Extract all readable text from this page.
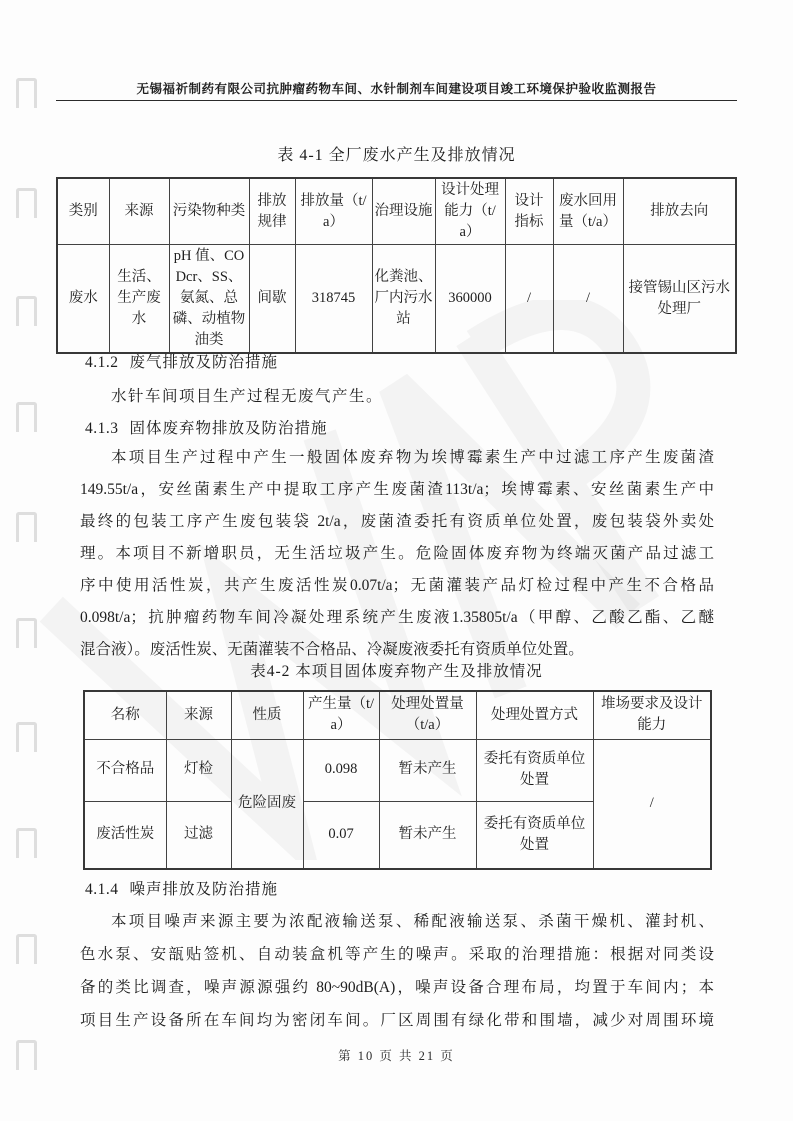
无锡福祈制药有限公司抗肿瘤药物车间、水针制剂车间建设项目竣工环境保护验收监测报告
表 4-1 全厂废水产生及排放情况
类别	来源	污染物种类	排放规律	排放量（t/a）	治理设施	设计处理能力（t/a）	设计指标	废水回用量（t/a）	排放去向
废水	生活、生产废水	pH 值、CODcr、SS、氨氮、总磷、动植物油类	间歇	318745	化粪池、厂内污水站	360000	/	/	接管锡山区污水处理厂
4.1.2 废气排放及防治措施
水针车间项目生产过程无废气产生。
4.1.3 固体废弃物排放及防治措施
本项目生产过程中产生一般固体废弃物为埃博霉素生产中过滤工序产生废菌渣
149.55t/a，安丝菌素生产中提取工序产生废菌渣113t/a；埃博霉素、安丝菌素生产中
最终的包装工序产生废包装袋 2t/a，废菌渣委托有资质单位处置，废包装袋外卖处
理。本项目不新增职员，无生活垃圾产生。危险固体废弃物为终端灭菌产品过滤工
序中使用活性炭，共产生废活性炭0.07t/a；无菌灌装产品灯检过程中产生不合格品
0.098t/a；抗肿瘤药物车间冷凝处理系统产生废液1.35805t/a（甲醇、乙酸乙酯、乙醚
混合液）。废活性炭、无菌灌装不合格品、冷凝废液委托有资质单位处置。
表4-2 本项目固体废弃物产生及排放情况
名称	来源	性质	产生量（t/a）	处理处置量（t/a）	处理处置方式	堆场要求及设计能力
不合格品	灯检	危险固废	0.098	暂未产生	委托有资质单位处置	/
废活性炭	过滤		0.07	暂未产生	委托有资质单位处置	
4.1.4 噪声排放及防治措施
本项目噪声来源主要为浓配液输送泵、稀配液输送泵、杀菌干燥机、灌封机、
色水泵、安瓿贴签机、自动装盒机等产生的噪声。采取的治理措施：根据对同类设
备的类比调查，噪声源源强约 80~90dB(A)，噪声设备合理布局，均置于车间内；本
项目生产设备所在车间均为密闭车间。厂区周围有绿化带和围墙，减少对周围环境
第 10 页 共 21 页
